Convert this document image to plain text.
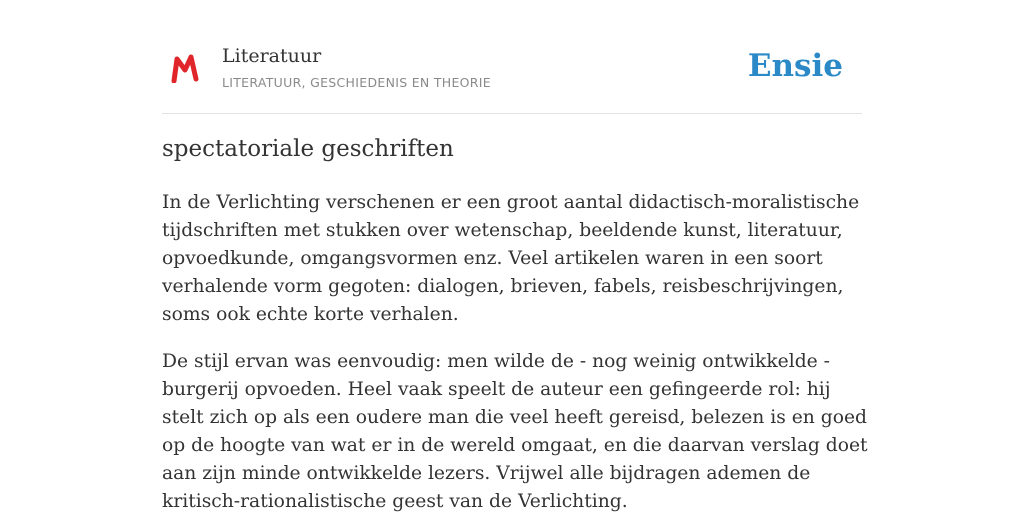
Literatuur
LITERATUUR, GESCHIEDENIS EN THEORIE	Ensie
spectatoriale geschriften

In de Verlichting verschenen er een groot aantal didactisch-moralistische tijdschriften met stukken over wetenschap, beeldende kunst, literatuur, opvoedkunde, omgangsvormen enz. Veel artikelen waren in een soort verhalende vorm gegoten: dialogen, brieven, fabels, reisbeschrijvingen, soms ook echte korte verhalen.

De stijl ervan was eenvoudig: men wilde de - nog weinig ontwikkelde - burgerij opvoeden. Heel vaak speelt de auteur een gefingeerde rol: hij stelt zich op als een oudere man die veel heeft gereisd, belezen is en goed op de hoogte van wat er in de wereld omgaat, en die daarvan verslag doet aan zijn minde ontwikkelde lezers. Vrijwel alle bijdragen ademen de kritisch-rationalistische geest van de Verlichting.
